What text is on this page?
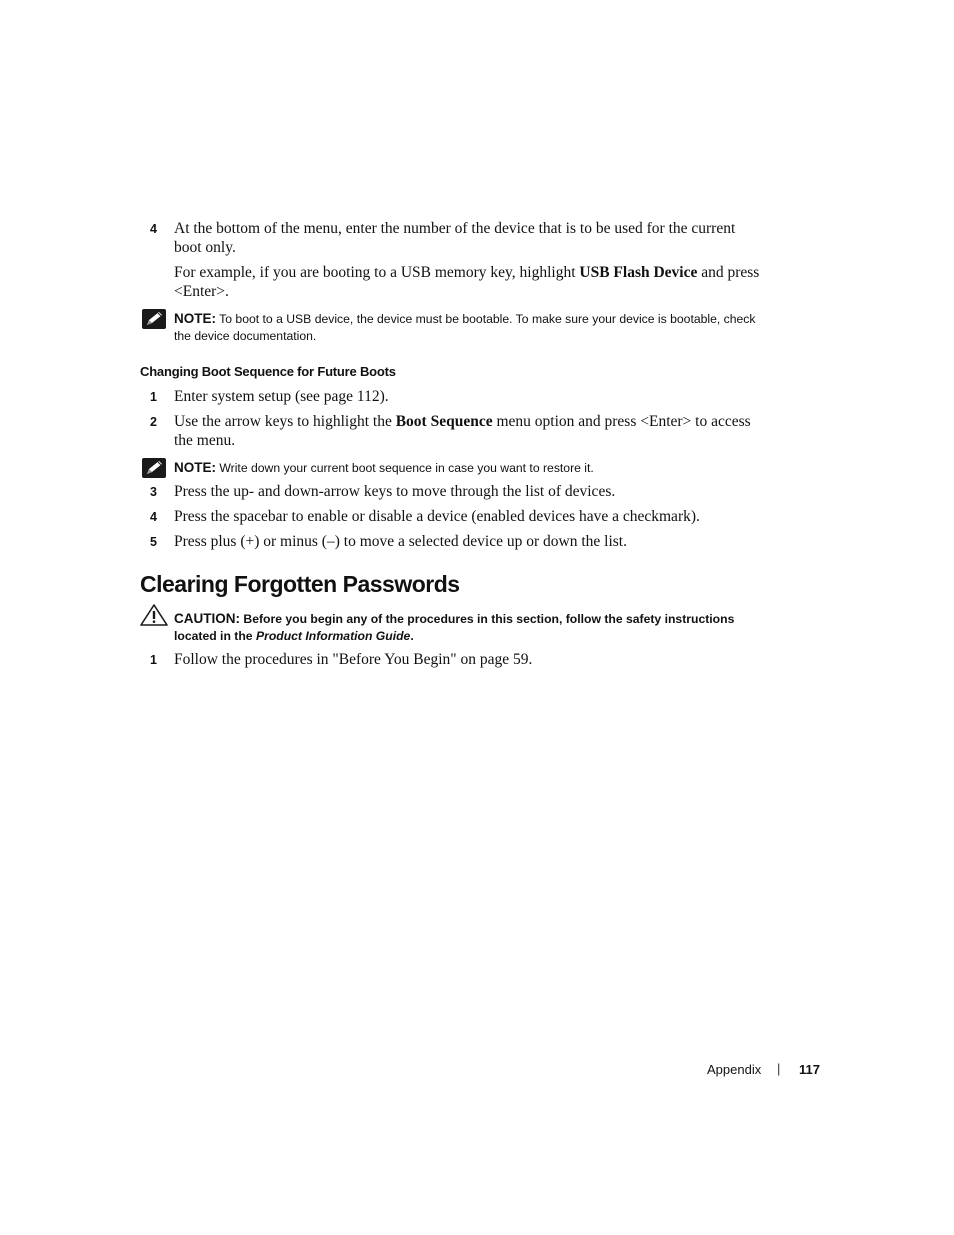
4	At the bottom of the menu, enter the number of the device that is to be used for the current boot only.
For example, if you are booting to a USB memory key, highlight USB Flash Device and press <Enter>.
NOTE: To boot to a USB device, the device must be bootable. To make sure your device is bootable, check the device documentation.
Changing Boot Sequence for Future Boots
1	Enter system setup (see page 112).
2	Use the arrow keys to highlight the Boot Sequence menu option and press <Enter> to access the menu.
NOTE: Write down your current boot sequence in case you want to restore it.
3	Press the up- and down-arrow keys to move through the list of devices.
4	Press the spacebar to enable or disable a device (enabled devices have a checkmark).
5	Press plus (+) or minus (–) to move a selected device up or down the list.
Clearing Forgotten Passwords
CAUTION: Before you begin any of the procedures in this section, follow the safety instructions located in the Product Information Guide.
1	Follow the procedures in "Before You Begin" on page 59.
Appendix | 117
